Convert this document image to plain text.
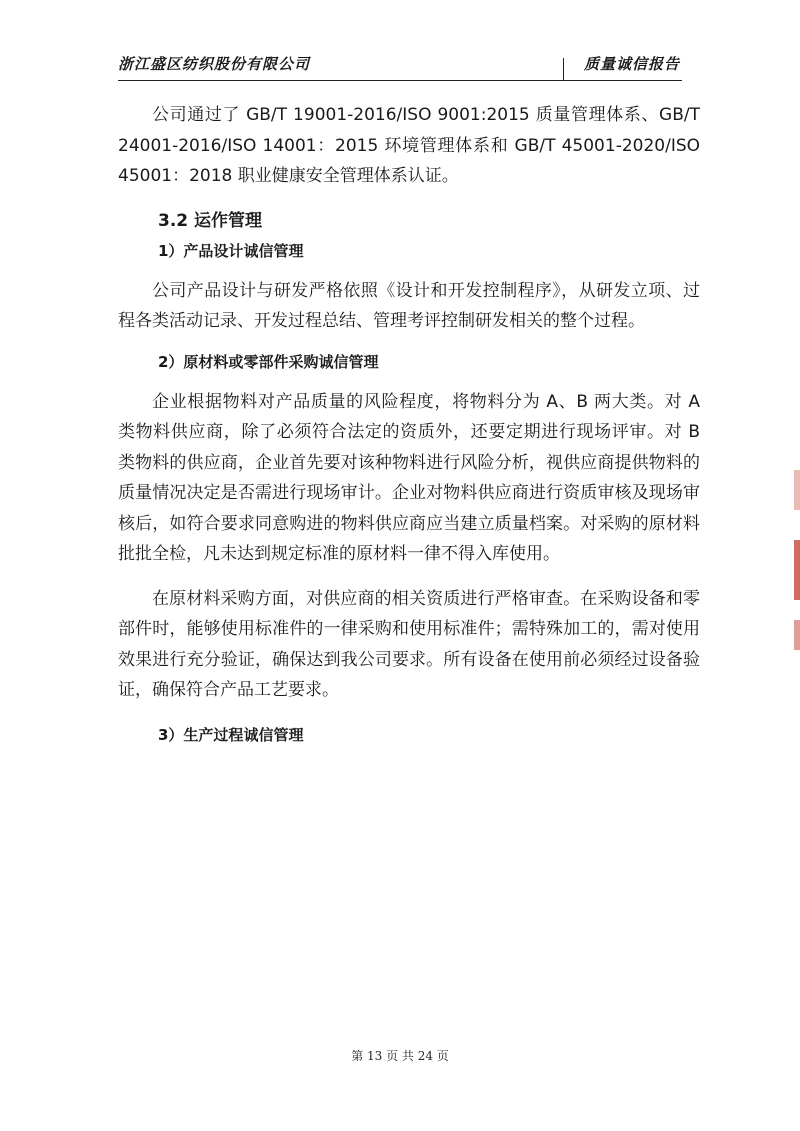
浙江盛区纺织股份有限公司	质量诚信报告

公司通过了 GB/T 19001-2016/ISO 9001:2015 质量管理体系、GB/T 24001-2016/ISO 14001：2015 环境管理体系和 GB/T 45001-2020/ISO 45001：2018 职业健康安全管理体系认证。

3.2 运作管理

1）产品设计诚信管理

公司产品设计与研发严格依照《设计和开发控制程序》，从研发立项、过程各类活动记录、开发过程总结、管理考评控制研发相关的整个过程。

2）原材料或零部件采购诚信管理

企业根据物料对产品质量的风险程度，将物料分为 A、B 两大类。对 A 类物料供应商，除了必须符合法定的资质外，还要定期进行现场评审。对 B 类物料的供应商，企业首先要对该种物料进行风险分析，视供应商提供物料的质量情况决定是否需进行现场审计。企业对物料供应商进行资质审核及现场审核后，如符合要求同意购进的物料供应商应当建立质量档案。对采购的原材料批批全检，凡未达到规定标准的原材料一律不得入库使用。

在原材料采购方面，对供应商的相关资质进行严格审查。在采购设备和零部件时，能够使用标准件的一律采购和使用标准件；需特殊加工的，需对使用效果进行充分验证，确保达到我公司要求。所有设备在使用前必须经过设备验证，确保符合产品工艺要求。

3）生产过程诚信管理

第 13 页 共 24 页
